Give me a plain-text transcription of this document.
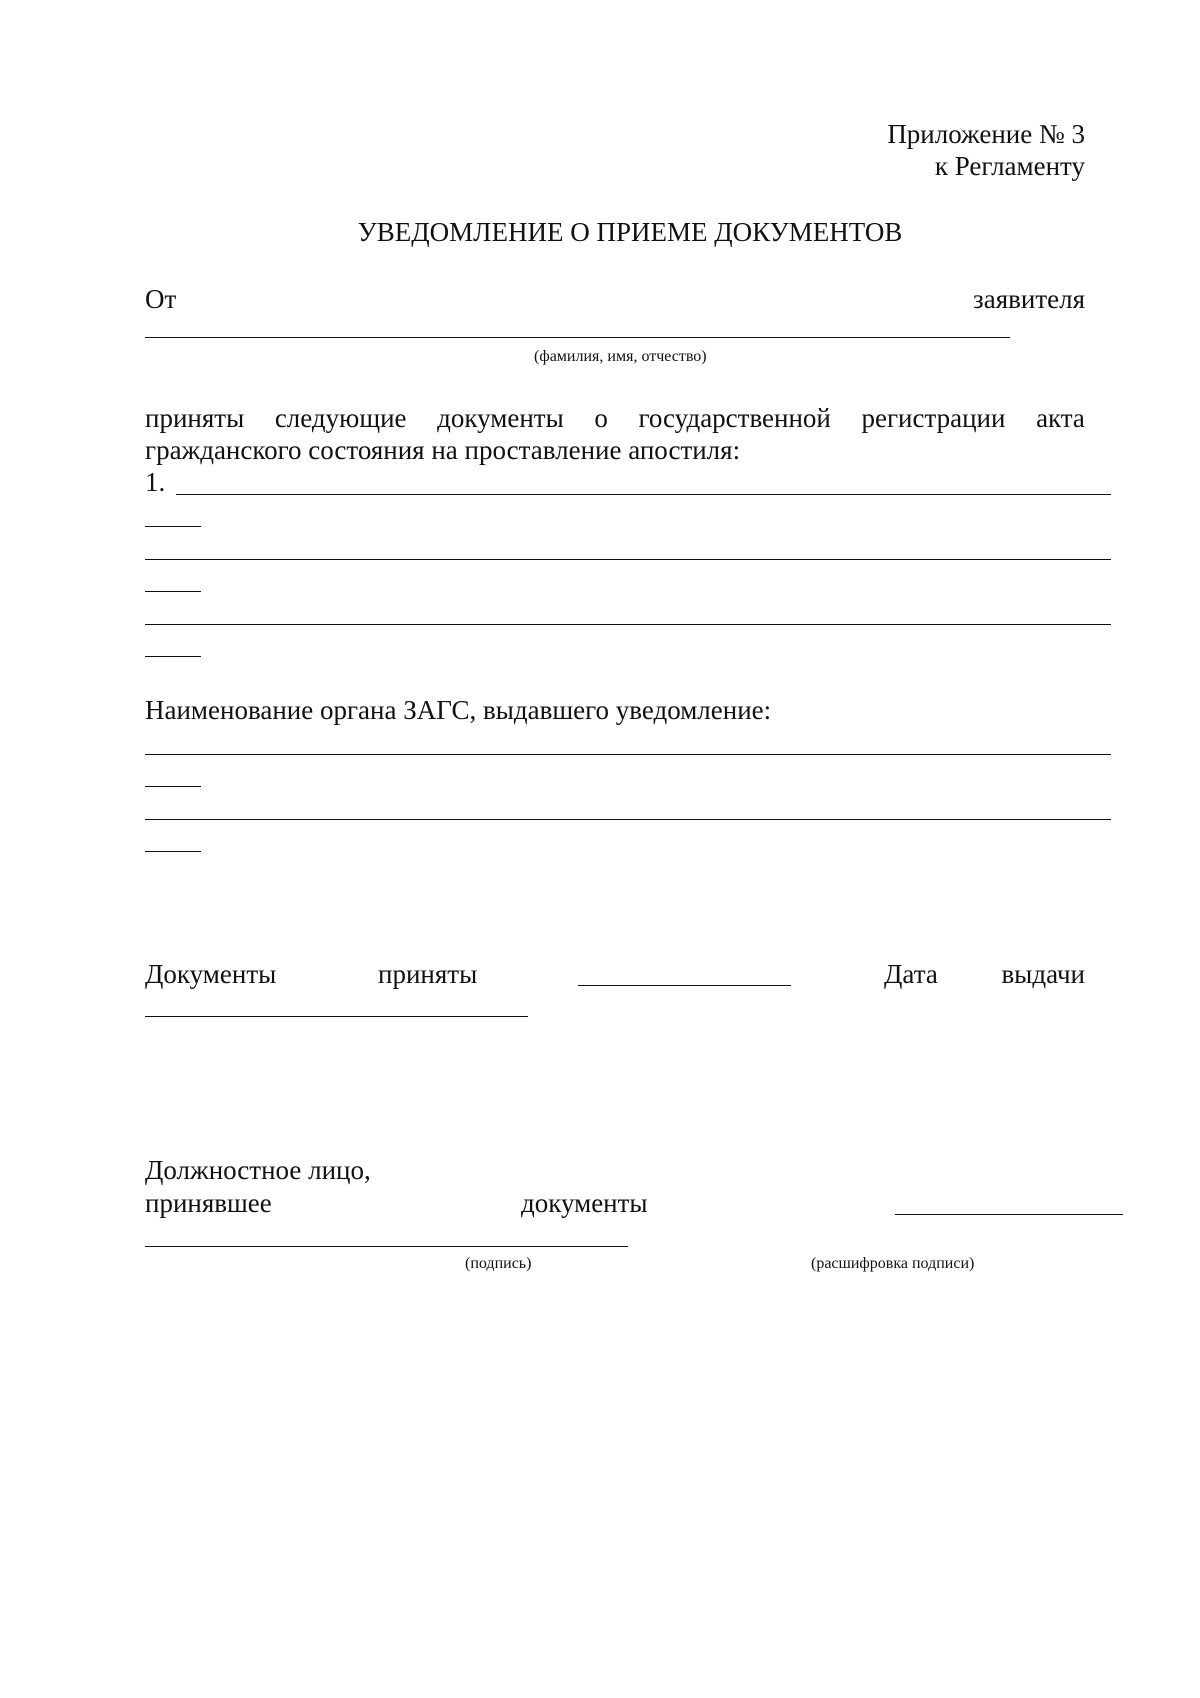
Приложение № 3
к Регламенту
УВЕДОМЛЕНИЕ О ПРИЕМЕ ДОКУМЕНТОВ
От	заявителя
(фамилия, имя, отчество)
приняты следующие документы о государственной регистрации акта
гражданского состояния на проставление апостиля:
1.
Наименование органа ЗАГС, выдавшего уведомление:
Документы	приняты	Дата выдачи
Должностное лицо,
принявшее	документы
(подпись)	(расшифровка подписи)
